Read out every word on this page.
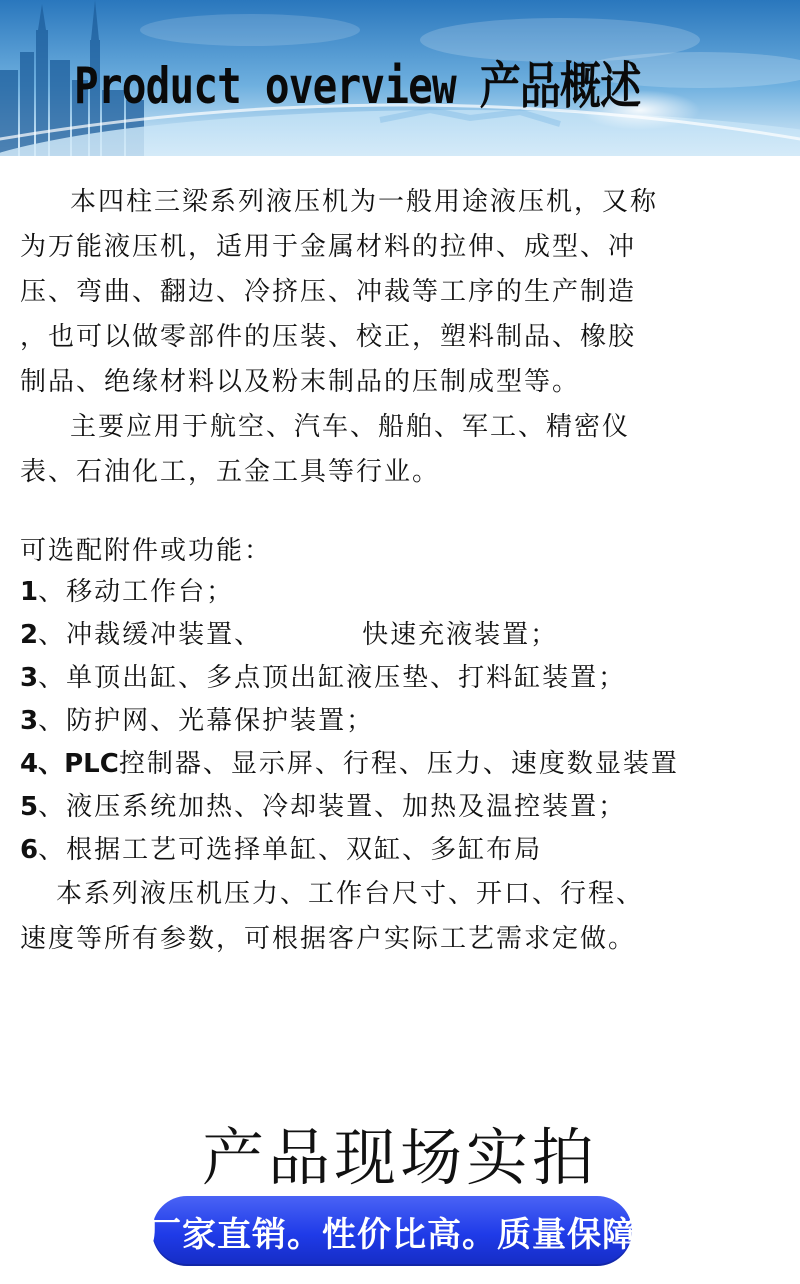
Product overview 产品概述
本四柱三梁系列液压机为一般用途液压机，又称
为万能液压机，适用于金属材料的拉伸、成型、冲
压、弯曲、翻边、冷挤压、冲裁等工序的生产制造
，也可以做零部件的压装、校正，塑料制品、橡胶
制品、绝缘材料以及粉末制品的压制成型等。
主要应用于航空、汽车、船舶、军工、精密仪
表、石油化工，五金工具等行业。
可选配附件或功能：
1、移动工作台；
2、冲裁缓冲装置、	快速充液装置；
3、单顶出缸、多点顶出缸液压垫、打料缸装置；
3、防护网、光幕保护装置；
4、PLC控制器、显示屏、行程、压力、速度数显装置
5、液压系统加热、冷却装置、加热及温控装置；
6、根据工艺可选择单缸、双缸、多缸布局
本系列液压机压力、工作台尺寸、开口、行程、
速度等所有参数，可根据客户实际工艺需求定做。
产品现场实拍
厂家直销。性价比高。质量保障
